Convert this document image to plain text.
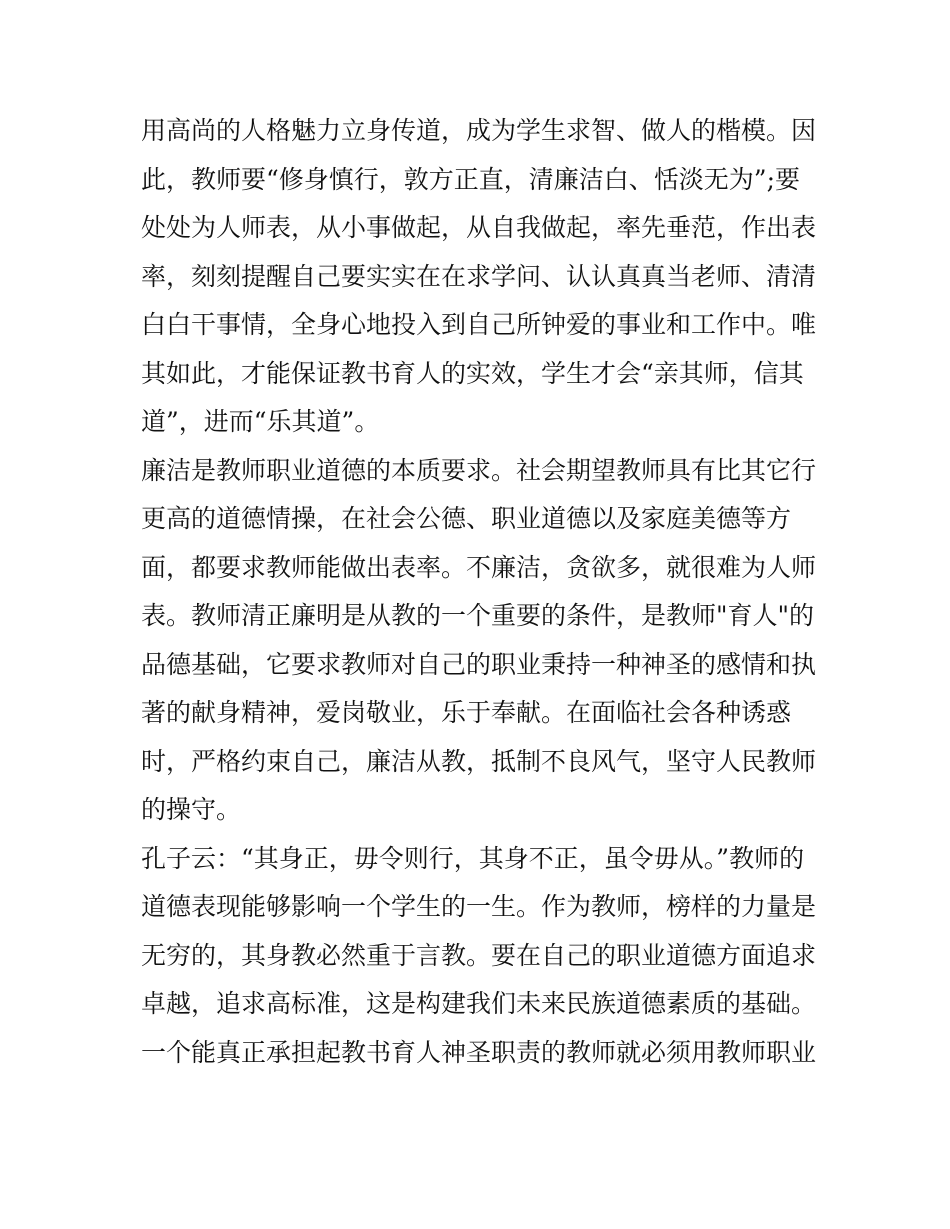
用高尚的人格魅力立身传道，成为学生求智、做人的楷模。因
此，教师要“修身慎行，敦方正直，清廉洁白、恬淡无为”;要
处处为人师表，从小事做起，从自我做起，率先垂范，作出表
率，刻刻提醒自己要实实在在求学问、认认真真当老师、清清
白白干事情，全身心地投入到自己所钟爱的事业和工作中。唯
其如此，才能保证教书育人的实效，学生才会“亲其师，信其
道”，进而“乐其道”。
廉洁是教师职业道德的本质要求。社会期望教师具有比其它行
更高的道德情操，在社会公德、职业道德以及家庭美德等方
面，都要求教师能做出表率。不廉洁，贪欲多，就很难为人师
表。教师清正廉明是从教的一个重要的条件，是教师"育人"的
品德基础，它要求教师对自己的职业秉持一种神圣的感情和执
著的献身精神，爱岗敬业，乐于奉献。在面临社会各种诱惑
时，严格约束自己，廉洁从教，抵制不良风气，坚守人民教师
的操守。
孔子云：“其身正，毋令则行，其身不正，虽令毋从。”教师的
道德表现能够影响一个学生的一生。作为教师，榜样的力量是
无穷的，其身教必然重于言教。要在自己的职业道德方面追求
卓越，追求高标准，这是构建我们未来民族道德素质的基础。
一个能真正承担起教书育人神圣职责的教师就必须用教师职业
